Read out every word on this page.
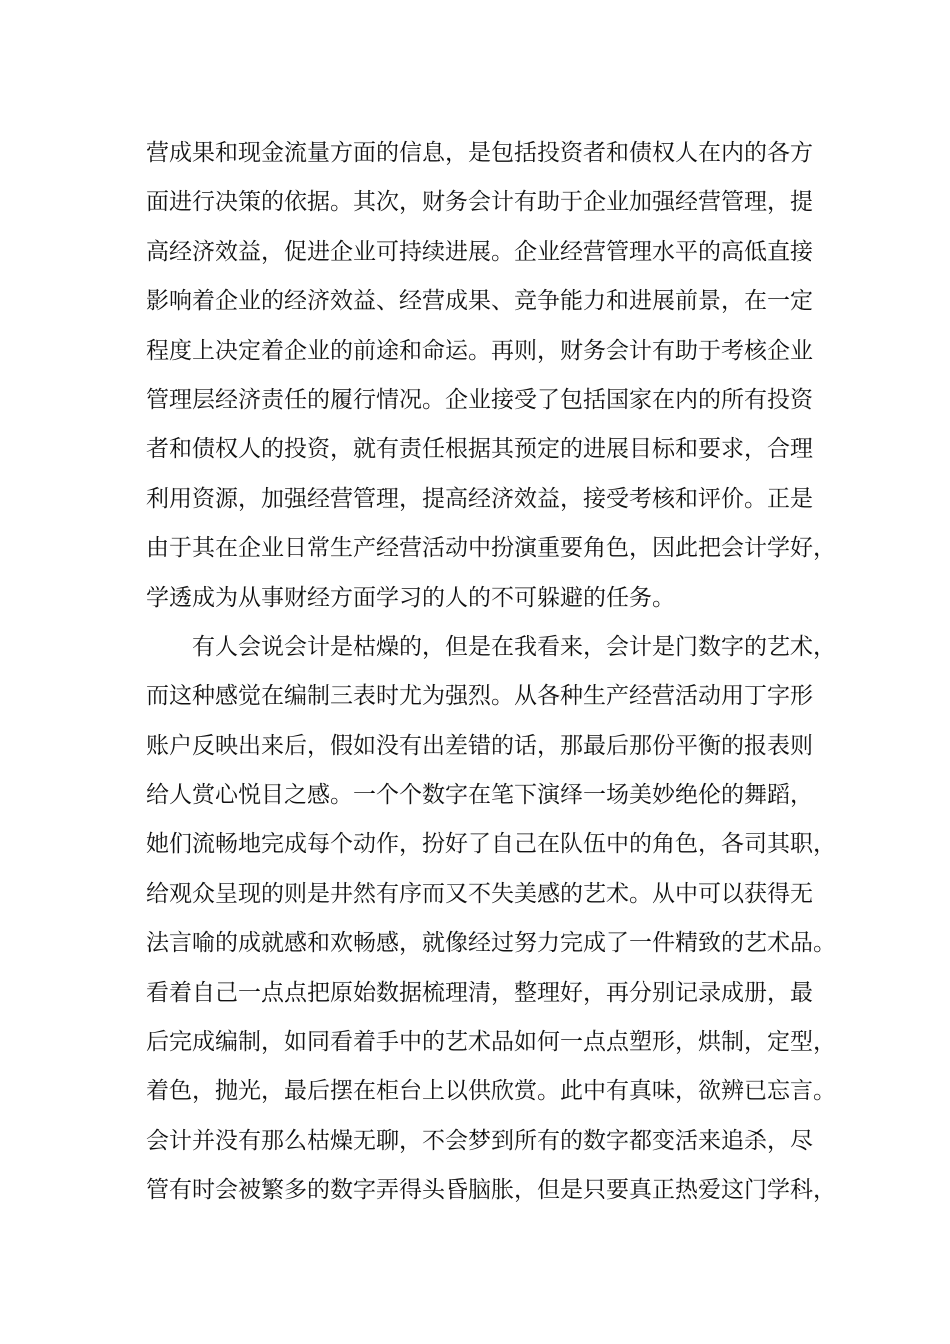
营成果和现金流量方面的信息，是包括投资者和债权人在内的各方
面进行决策的依据。其次，财务会计有助于企业加强经营管理，提
高经济效益，促进企业可持续进展。企业经营管理水平的高低直接
影响着企业的经济效益、经营成果、竞争能力和进展前景，在一定
程度上决定着企业的前途和命运。再则，财务会计有助于考核企业
管理层经济责任的履行情况。企业接受了包括国家在内的所有投资
者和债权人的投资，就有责任根据其预定的进展目标和要求，合理
利用资源，加强经营管理，提高经济效益，接受考核和评价。正是
由于其在企业日常生产经营活动中扮演重要角色，因此把会计学好，
学透成为从事财经方面学习的人的不可躲避的任务。
有人会说会计是枯燥的，但是在我看来，会计是门数字的艺术，
而这种感觉在编制三表时尤为强烈。从各种生产经营活动用丁字形
账户反映出来后，假如没有出差错的话，那最后那份平衡的报表则
给人赏心悦目之感。一个个数字在笔下演绎一场美妙绝伦的舞蹈，
她们流畅地完成每个动作，扮好了自己在队伍中的角色，各司其职，
给观众呈现的则是井然有序而又不失美感的艺术。从中可以获得无
法言喻的成就感和欢畅感，就像经过努力完成了一件精致的艺术品。
看着自己一点点把原始数据梳理清，整理好，再分别记录成册，最
后完成编制，如同看着手中的艺术品如何一点点塑形，烘制，定型，
着色，抛光，最后摆在柜台上以供欣赏。此中有真味，欲辨已忘言。
会计并没有那么枯燥无聊，不会梦到所有的数字都变活来追杀，尽
管有时会被繁多的数字弄得头昏脑胀，但是只要真正热爱这门学科，
